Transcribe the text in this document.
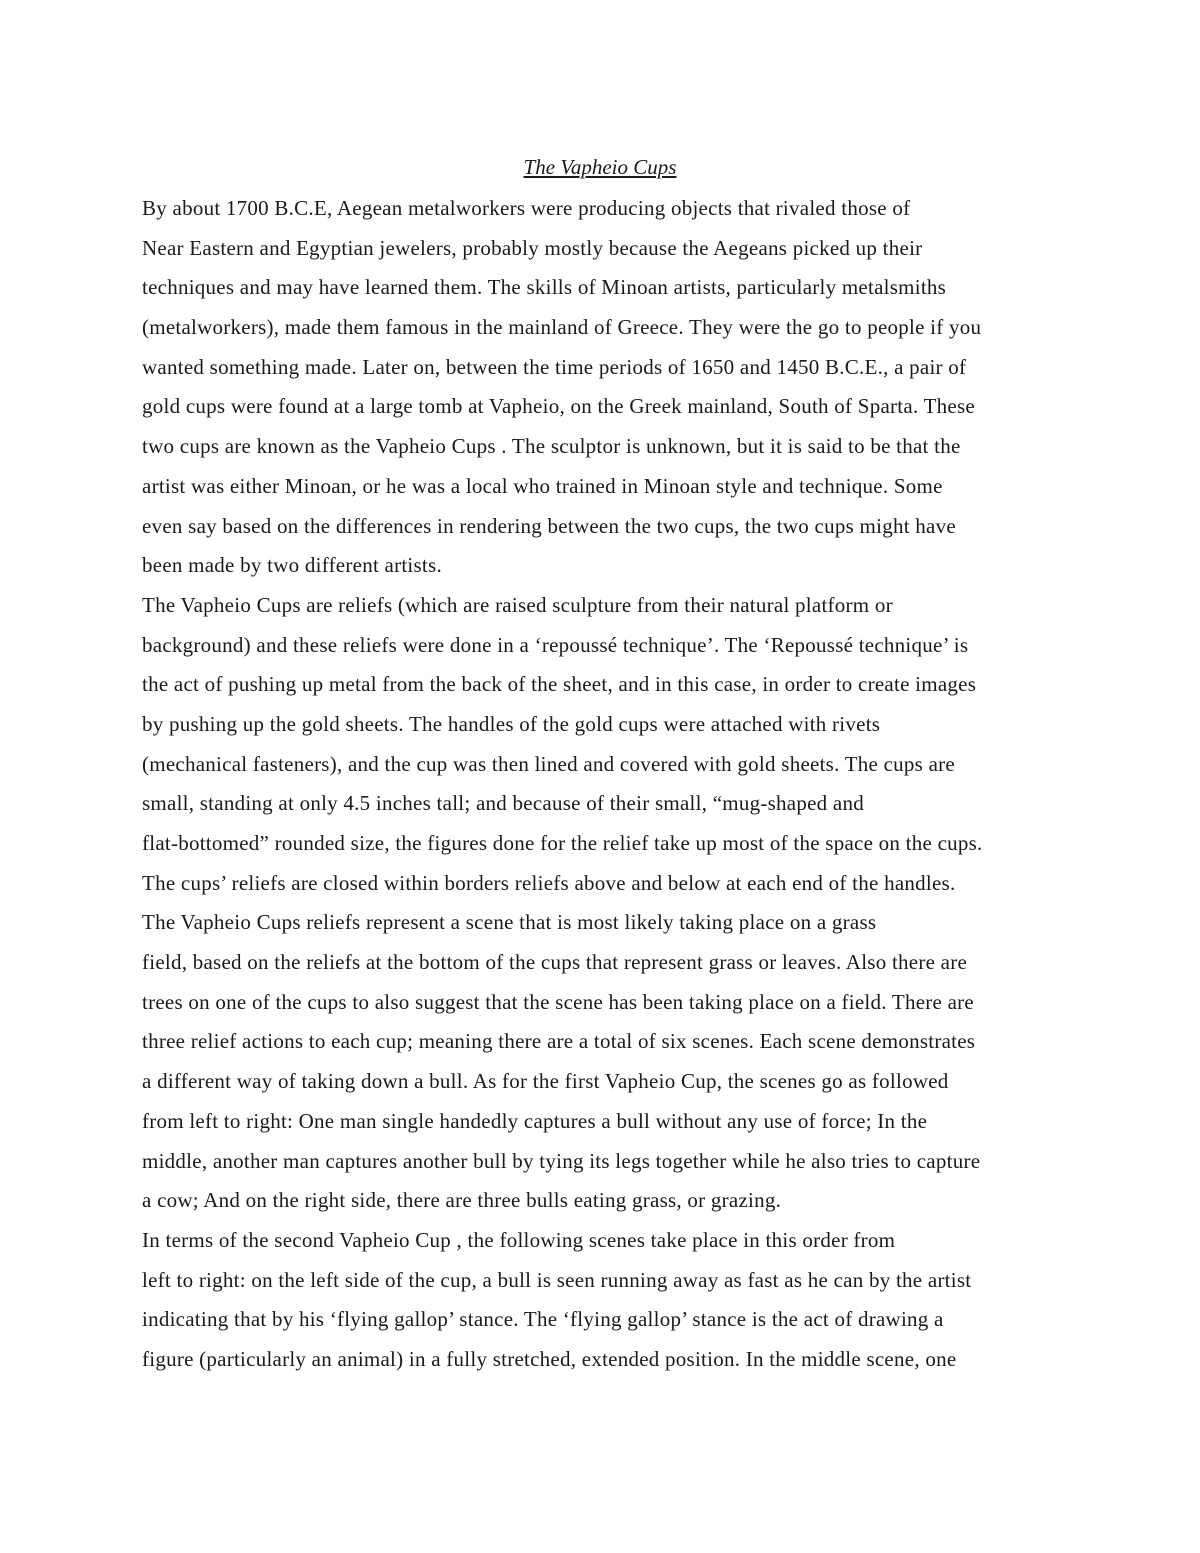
The Vapheio Cups
By about 1700 B.C.E, Aegean metalworkers were producing objects that rivaled those of
Near Eastern and Egyptian jewelers, probably mostly because the Aegeans picked up their
techniques and may have learned them. The skills of Minoan artists, particularly metalsmiths
(metalworkers), made them famous in the mainland of Greece. They were the go to people if you
wanted something made. Later on, between the time periods of 1650 and 1450 B.C.E., a pair of
gold cups were found at a large tomb at Vapheio, on the Greek mainland, South of Sparta. These
two cups are known as the Vapheio Cups . The sculptor is unknown, but it is said to be that the
artist was either Minoan, or he was a local who trained in Minoan style and technique. Some
even say based on the differences in rendering between the two cups, the two cups might have
been made by two different artists.
The Vapheio Cups are reliefs (which are raised sculpture from their natural platform or
background) and these reliefs were done in a ‘repoussé technique’. The ‘Repoussé technique’ is
the act of pushing up metal from the back of the sheet, and in this case, in order to create images
by pushing up the gold sheets. The handles of the gold cups were attached with rivets
(mechanical fasteners), and the cup was then lined and covered with gold sheets. The cups are
small, standing at only 4.5 inches tall; and because of their small, “mug-shaped and
flat-bottomed” rounded size, the figures done for the relief take up most of the space on the cups.
The cups’ reliefs are closed within borders reliefs above and below at each end of the handles.
The Vapheio Cups reliefs represent a scene that is most likely taking place on a grass
field, based on the reliefs at the bottom of the cups that represent grass or leaves. Also there are
trees on one of the cups to also suggest that the scene has been taking place on a field. There are
three relief actions to each cup; meaning there are a total of six scenes. Each scene demonstrates
a different way of taking down a bull. As for the first Vapheio Cup, the scenes go as followed
from left to right: One man single handedly captures a bull without any use of force; In the
middle, another man captures another bull by tying its legs together while he also tries to capture
a cow; And on the right side, there are three bulls eating grass, or grazing.
In terms of the second Vapheio Cup , the following scenes take place in this order from
left to right: on the left side of the cup, a bull is seen running away as fast as he can by the artist
indicating that by his ‘flying gallop’ stance. The ‘flying gallop’ stance is the act of drawing a
figure (particularly an animal) in a fully stretched, extended position. In the middle scene, one
